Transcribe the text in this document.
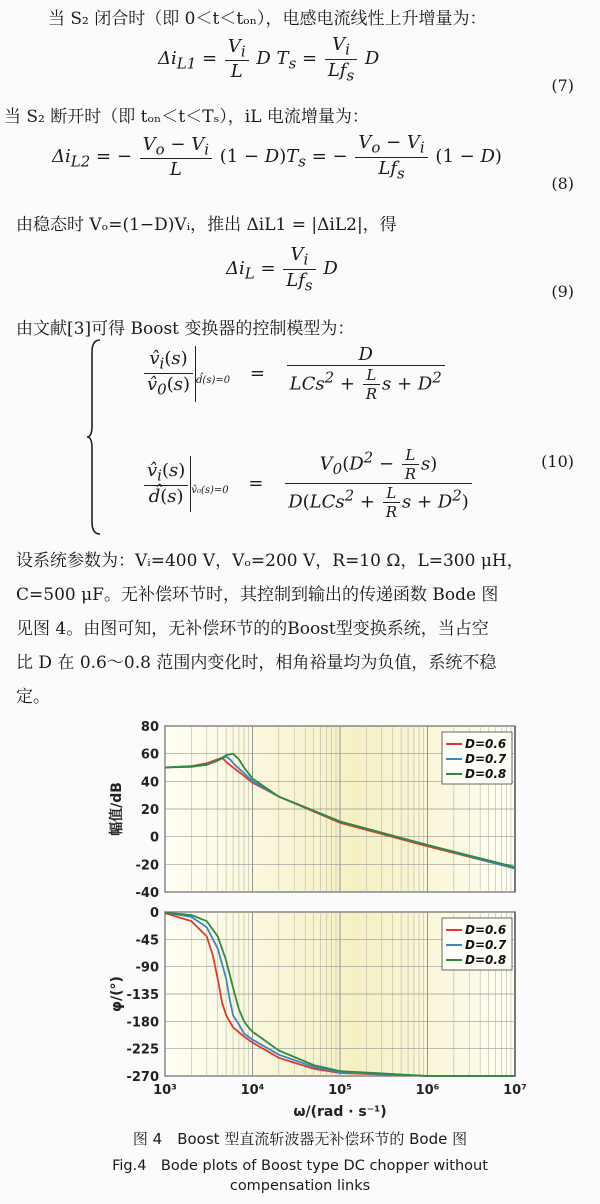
当 S₂ 闭合时（即 0＜t＜tₒₙ），电感电流线性上升增量为：
$\Delta i_{L1} = \frac{V_i}{L}$ D $T_s = \frac{V_i}{Lf_s}$ D
(7)
当 S₂ 断开时（即 tₒₙ＜t＜Tₛ），iL 电流增量为：
$\Delta i_{L2}$ = − $\frac{V_o - V_i}{L} (1 - D)T_s$ = − $\frac{V_o - V_i}{Lf_s} (1 - D)$
(8)
由稳态时 Vₒ=(1−D)Vᵢ，推出 ΔiL1 = |ΔiL2|，得
$\Delta i_L = \frac{V_i}{Lf_s}$ D
(9)
由文献[3]可得 Boost 变换器的控制模型为：
$\frac{v̂_i(s)}{v̂_0(s)} _{d̂(s)=0} = \frac{D}{LCs^2 + \frac{L}{R} s + D^2}$
$\frac{v̂_i(s)}{d̂(s)} _{v̂_0(s)=0} = \frac{V_0(D^2 - \frac{L}{R} s)}{D(LCs^2 + \frac{L}{R} s + D^2)}$	(10)
设系统参数为：Vᵢ=400 V，Vₒ=200 V，R=10 Ω，L=300 μH，
C=500 μF。无补偿环节时，其控制到输出的传递函数 Bode 图
见图 4。由图可知，无补偿环节的的Boost型变换系统，当占空
比 D 在 0.6～0.8 范围内变化时，相角裕量均为负值，系统不稳
定。
80
60
40
20
0
-20
-40
幅值/dB
D=0.6
D=0.7
D=0.8
0
-45
-90
-135
-180
-225
-270
φ/(°)
D=0.6
D=0.7
D=0.8
10³	10⁴	10⁵	10⁶	10⁷
ω/(rad · s⁻¹)
图 4　Boost 型直流斩波器无补偿环节的 Bode 图
Fig.4　Bode plots of Boost type DC chopper without
compensation links
